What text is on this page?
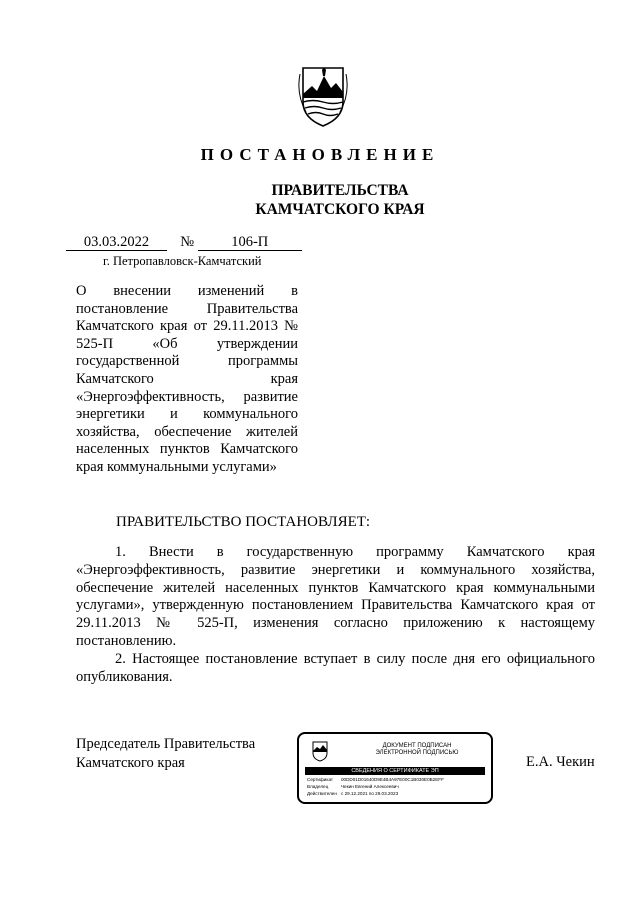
ПОСТАНОВЛЕНИЕ
ПРАВИТЕЛЬСТВА
КАМЧАТСКОГО КРАЯ
03.03.2022 №	106-П
г. Петропавловск-Камчатский
О внесении изменений в постановление Правительства Камчатского края от 29.11.2013 № 525-П «Об утверждении государственной программы Камчатского края «Энергоэффективность, развитие энергетики и коммунального хозяйства, обеспечение жителей населенных пунктов Камчатского края коммунальными услугами»
ПРАВИТЕЛЬСТВО ПОСТАНОВЛЯЕТ:

1. Внести в государственную программу Камчатского края «Энергоэффективность, развитие энергетики и коммунального хозяйства, обеспечение жителей населенных пунктов Камчатского края коммунальными услугами», утвержденную постановлением Правительства Камчатского края от 29.11.2013 № 525-П, изменения согласно приложению к настоящему постановлению.

2. Настоящее постановление вступает в силу после дня его официального опубликования.

Председатель Правительства
Камчатского края
ДОКУМЕНТ ПОДПИСАН
ЭЛЕКТРОННОЙ ПОДПИСЬЮ
СВЕДЕНИЯ О СЕРТИФИКАТЕ ЭП
Сертификат 00DD01D01640D9E4B4A97E00C1B030E0B2EFF
Владелец	Чекин Евгений Алексеевич
Действителен с 29.12.2021 по 29.03.2023
Е.А. Чекин
